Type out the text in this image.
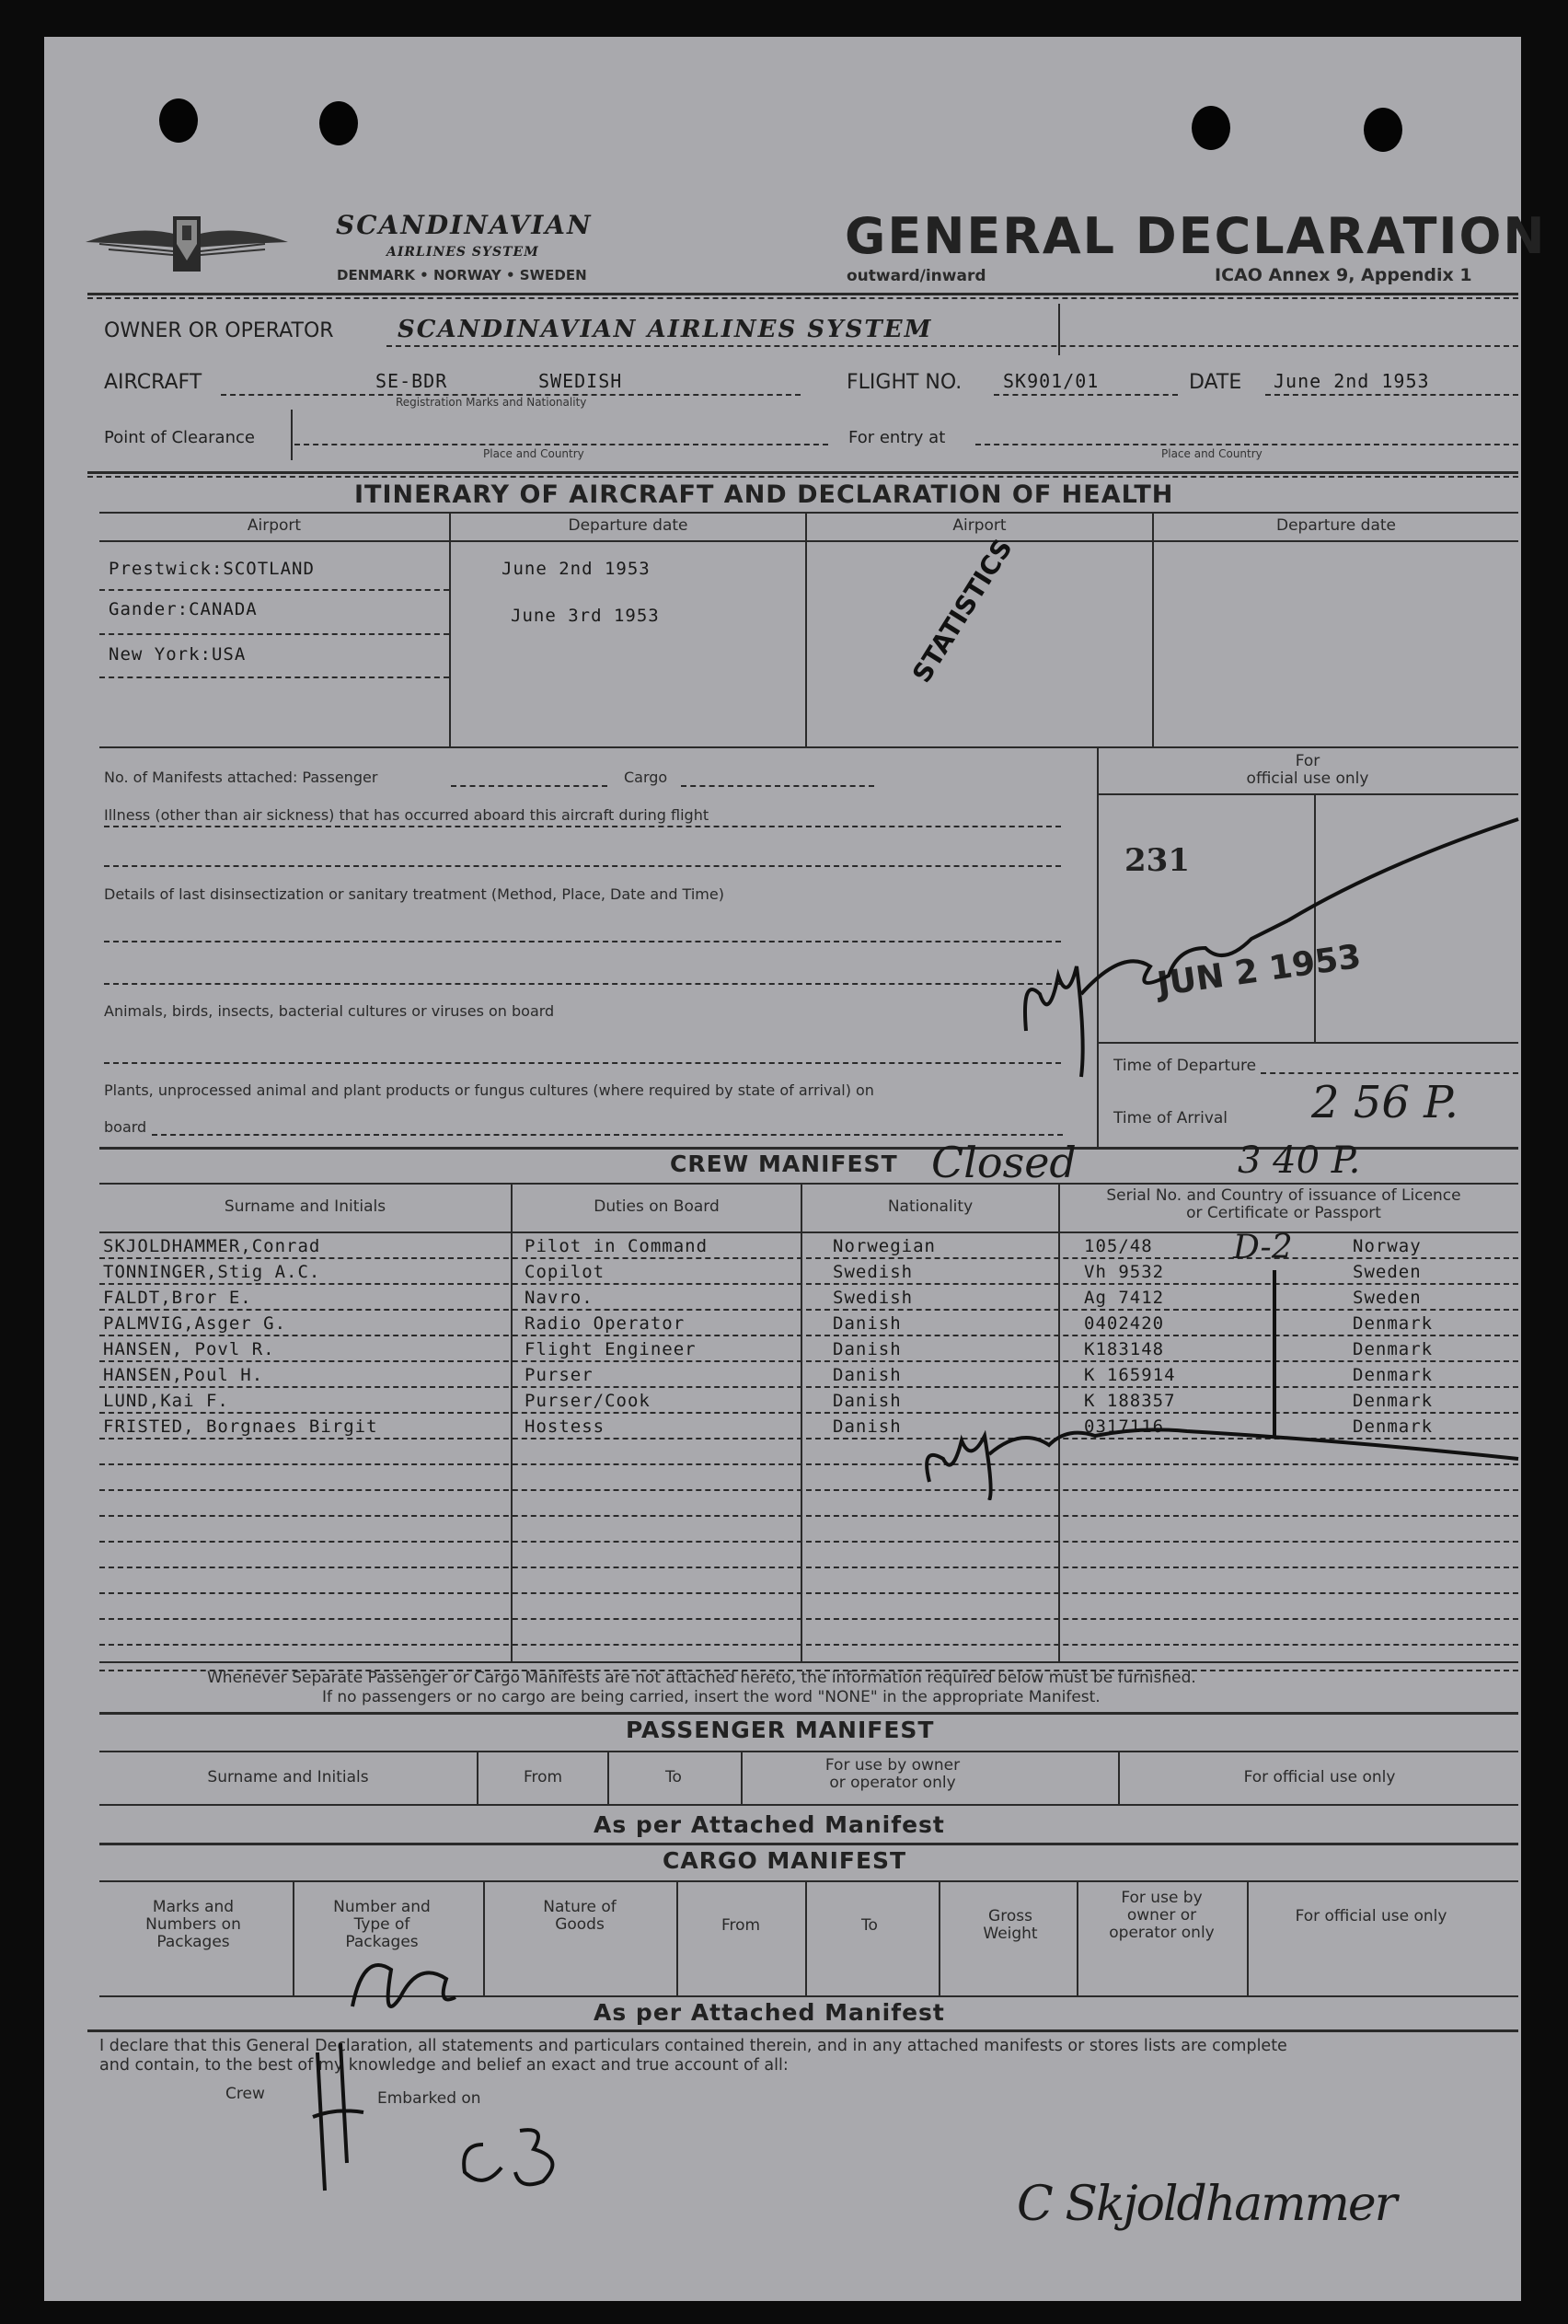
SCANDINAVIAN
AIRLINES SYSTEM
DENMARK • NORWAY • SWEDEN
GENERAL DECLARATION
outward/inward	ICAO Annex 9, Appendix 1
OWNER OR OPERATOR	SCANDINAVIAN AIRLINES SYSTEM
AIRCRAFT	SE-BDR	SWEDISH
Registration Marks and Nationality
FLIGHT NO. SK901/01	DATE June 2nd 1953
Point of Clearance
Place and Country
For entry at
Place and Country
ITINERARY OF AIRCRAFT AND DECLARATION OF HEALTH
Airport	Departure date	Airport	Departure date
Prestwick:SCOTLAND	June 2nd 1953
Gander:CANADA	June 3rd 1953
New York:USA	STATISTICS
No. of Manifests attached: Passenger	Cargo
Illness (other than air sickness) that has occurred aboard this aircraft during flight
Details of last disinsectization or sanitary treatment (Method, Place, Date and Time)
Animals, birds, insects, bacterial cultures or viruses on board
Plants, unprocessed animal and plant products or fungus cultures (where required by state of arrival) on
board
For
official use only
231
JUN 2 1953
Time of Departure
Time of Arrival 2 56 P.
CREW MANIFEST Closed	3 40 P.
Surname and Initials	Duties on Board	Nationality
Serial No. and Country of issuance of Licence or Certificate or Passport
SKJOLDHAMMER,Conrad	Pilot in Command	Norwegian	105/48	Norway
TONNINGER,Stig A.C.	Copilot	Swedish	Vh 9532	Sweden
FALDT,Bror E.	Navro.	Swedish	Ag 7412	Sweden
PALMVIG,Asger G.	Radio Operator	Danish	0402420	Denmark
HANSEN, Povl R.	Flight Engineer	Danish	K183148	Denmark
HANSEN,Poul H.	Purser	Danish	K 165914	Denmark
LUND,Kai F.	Purser/Cook	Danish	K 188357	Denmark
FRISTED, Borgnaes Birgit	Hostess	Danish	0317116	Denmark
D-2
Whenever Separate Passenger or Cargo Manifests are not attached hereto, the information required below must be furnished.
If no passengers or no cargo are being carried, insert the word "NONE" in the appropriate Manifest.
PASSENGER MANIFEST
Surname and Initials	From	To
For use by owner or operator only	For official use only
As per Attached Manifest
CARGO MANIFEST
Marks and Numbers on Packages
Number and Type of Packages
Nature of Goods	From	To	Gross Weight
For use by owner or operator only
For official use only
As per Attached Manifest
I declare that this General Declaration, all statements and particulars contained therein, and in any attached manifests or stores lists are complete
and contain, to the best of my knowledge and belief an exact and true account of all:
Crew	Embarked on
C Skjoldhammer
